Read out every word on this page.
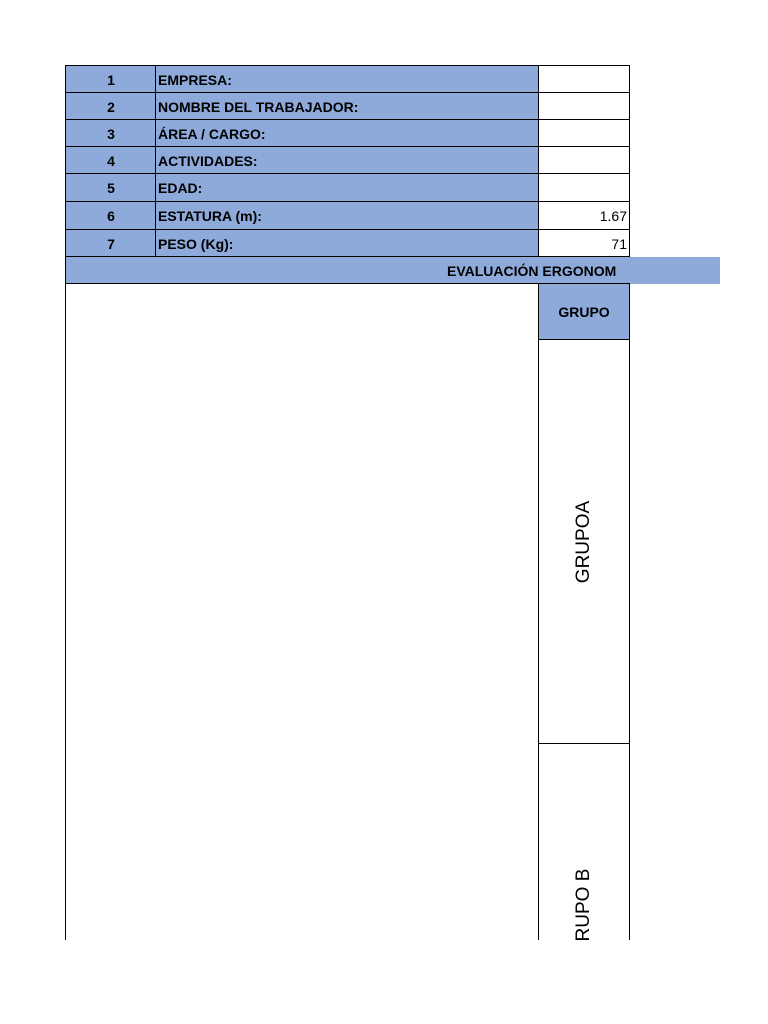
1	EMPRESA:
2	NOMBRE DEL TRABAJADOR:
3	ÁREA / CARGO:
4	ACTIVIDADES:
5	EDAD:
6	ESTATURA (m):	1.67
7	PESO (Kg):	71
EVALUACIÓN ERGONOM
GRUPO
GRUPOA
RUPO B
